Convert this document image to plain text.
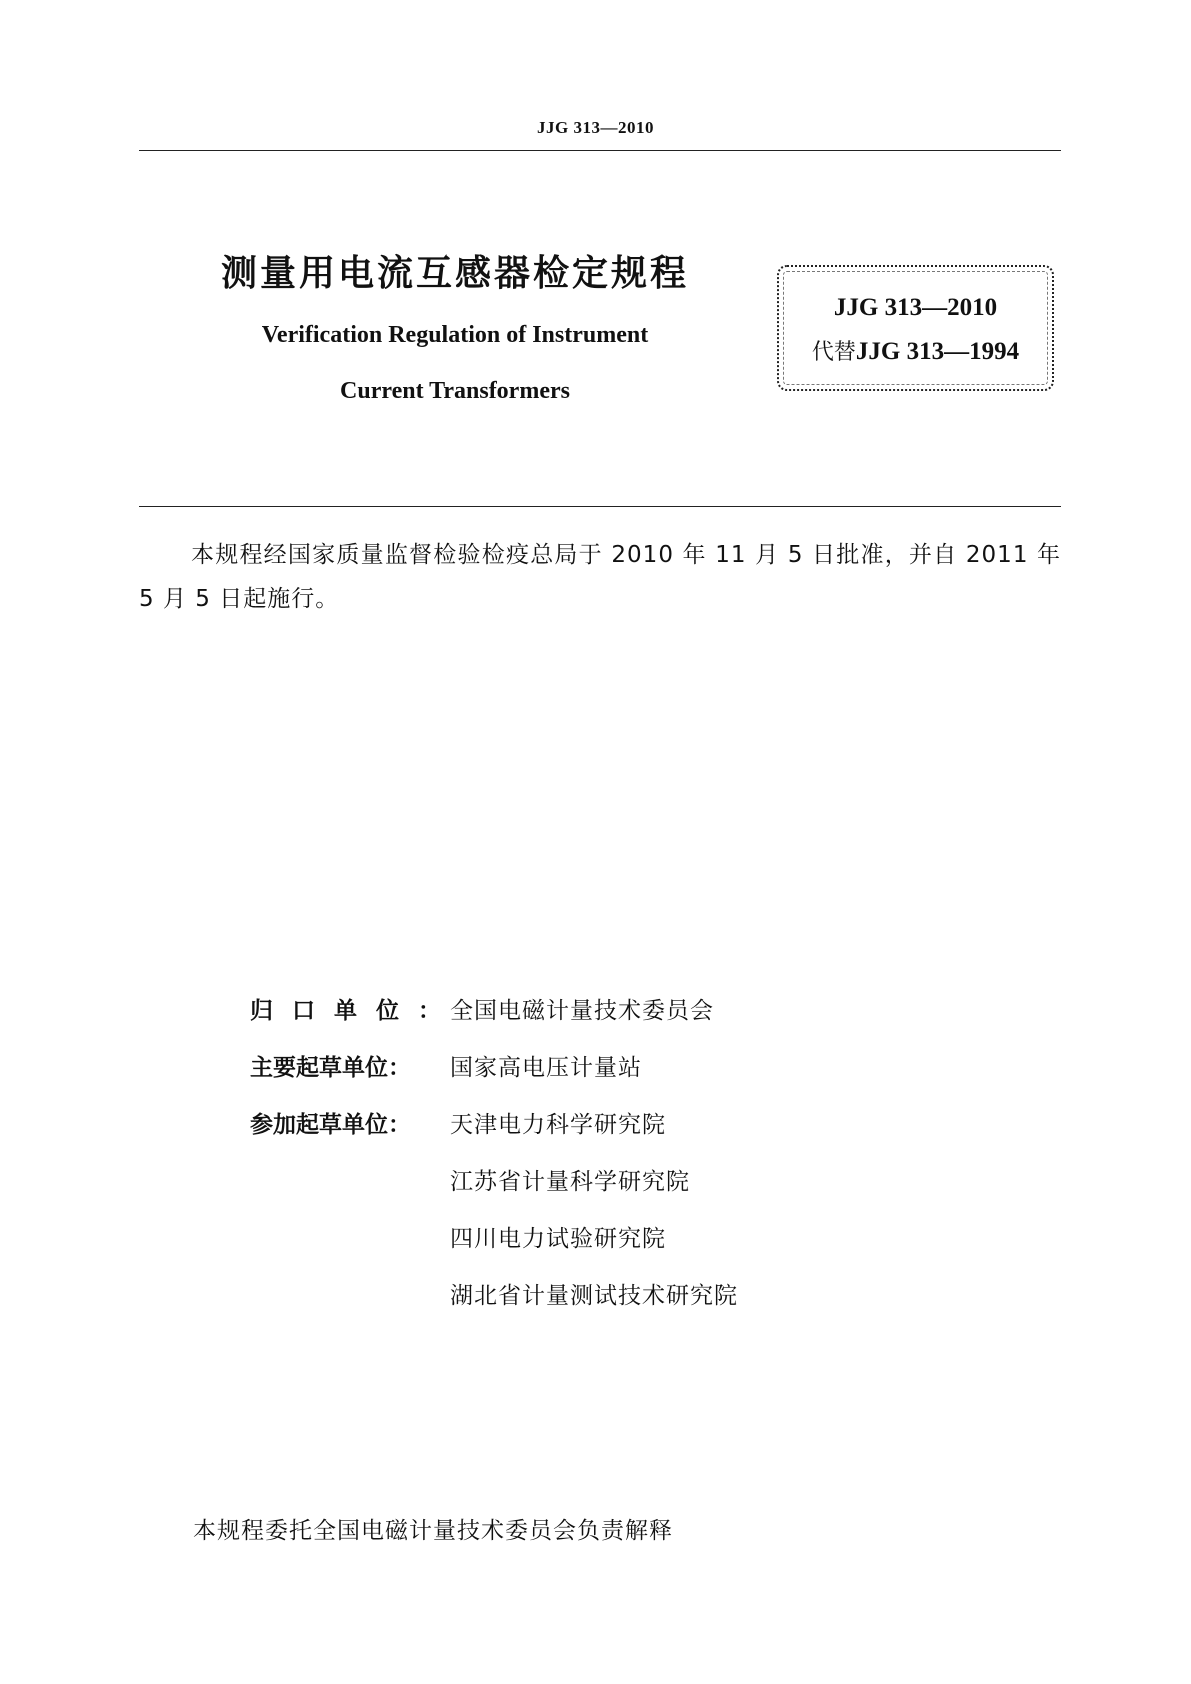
JJG 313—2010
测量用电流互感器检定规程
Verification Regulation of Instrument
Current Transformers
JJG 313—2010
代替JJG 313—1994
本规程经国家质量监督检验检疫总局于 2010 年 11 月 5 日批准，并自 2011 年 5 月 5 日起施行。
归口单位： 全国电磁计量技术委员会
主要起草单位：	国家高电压计量站
参加起草单位：	天津电力科学研究院
江苏省计量科学研究院
四川电力试验研究院
湖北省计量测试技术研究院
本规程委托全国电磁计量技术委员会负责解释
